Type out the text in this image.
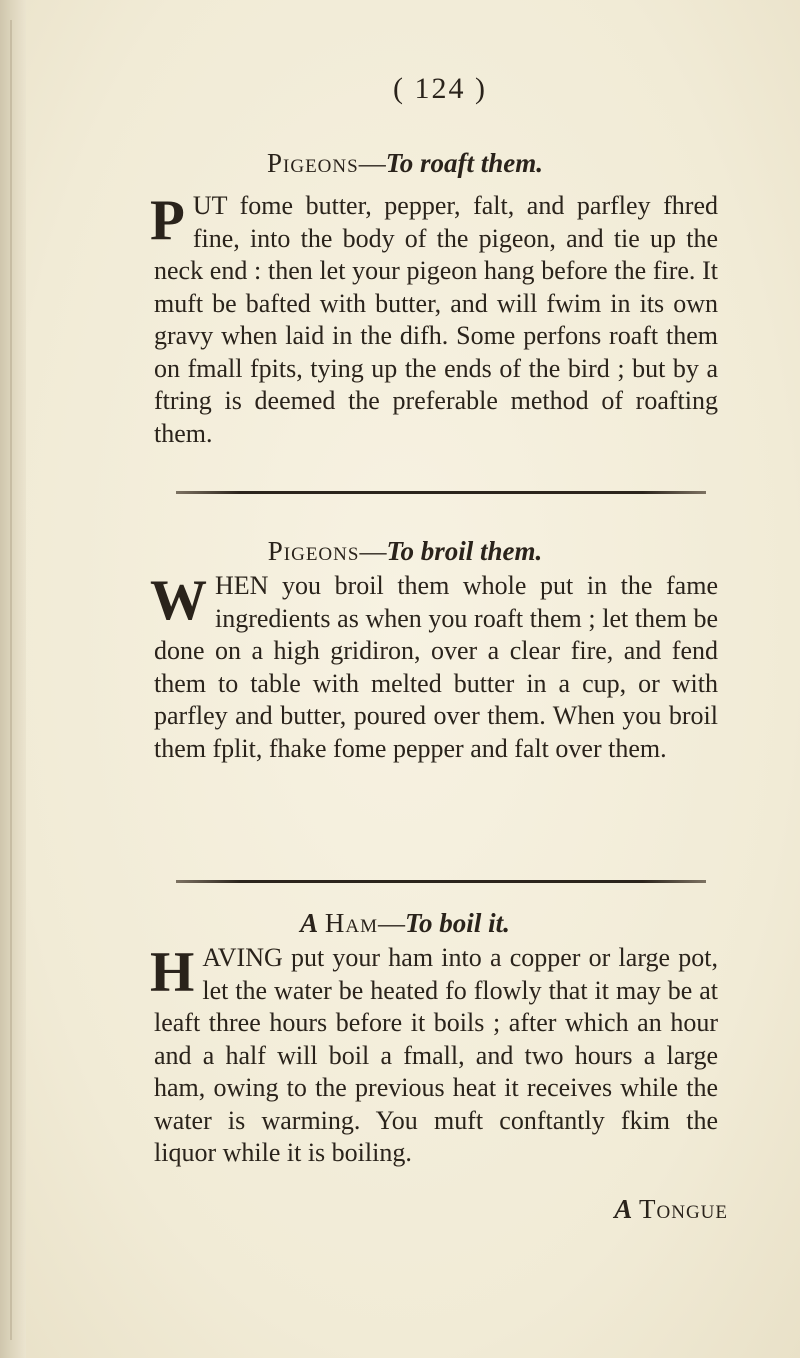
( 124 )
Pigeons—To roaft them.
PUT fome butter, pepper, falt, and parfley fhred fine, into the body of the pigeon, and tie up the neck end : then let your pigeon hang before the fire. It muft be bafted with butter, and will fwim in its own gravy when laid in the difh. Some perfons roaft them on fmall fpits, tying up the ends of the bird ; but by a ftring is deemed the preferable method of roafting them.
Pigeons—To broil them.
WHEN you broil them whole put in the fame ingredients as when you roaft them ; let them be done on a high gridiron, over a clear fire, and fend them to table with melted butter in a cup, or with parfley and butter, poured over them. When you broil them fplit, fhake fome pepper and falt over them.
A Ham—To boil it.
HAVING put your ham into a copper or large pot, let the water be heated fo flowly that it may be at leaft three hours before it boils ; after which an hour and a half will boil a fmall, and two hours a large ham, owing to the previous heat it receives while the water is warming. You muft conftantly fkim the liquor while it is boiling.
A Tongue
